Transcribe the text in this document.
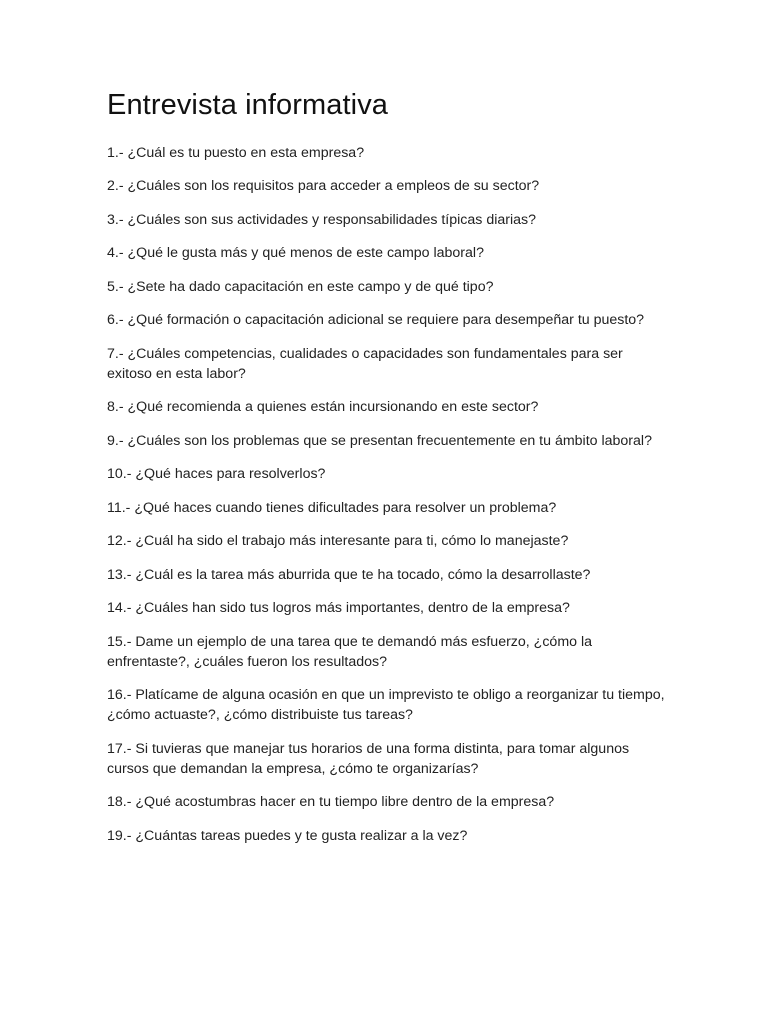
Entrevista informativa
1.- ¿Cuál es tu puesto en esta empresa?
2.- ¿Cuáles son los requisitos para acceder a empleos de su sector?
3.- ¿Cuáles son sus actividades y responsabilidades típicas diarias?
4.- ¿Qué le gusta más y qué menos de este campo laboral?
5.- ¿Sete ha dado capacitación en este campo y de qué tipo?
6.- ¿Qué formación o capacitación adicional se requiere para desempeñar tu puesto?
7.- ¿Cuáles competencias, cualidades o capacidades son fundamentales para ser exitoso en esta labor?
8.- ¿Qué recomienda a quienes están incursionando en este sector?
9.- ¿Cuáles son los problemas que se presentan frecuentemente en tu ámbito laboral?
10.- ¿Qué haces para resolverlos?
11.- ¿Qué haces cuando tienes dificultades para resolver un problema?
12.- ¿Cuál ha sido el trabajo más interesante para ti, cómo lo manejaste?
13.- ¿Cuál es la tarea más aburrida que te ha tocado, cómo la desarrollaste?
14.- ¿Cuáles han sido tus logros más importantes, dentro de la empresa?
15.- Dame un ejemplo de una tarea que te demandó más esfuerzo, ¿cómo la enfrentaste?, ¿cuáles fueron los resultados?
16.- Platícame de alguna ocasión en que un imprevisto te obligo a reorganizar tu tiempo, ¿cómo actuaste?, ¿cómo distribuiste tus tareas?
17.- Si tuvieras que manejar tus horarios de una forma distinta, para tomar algunos cursos que demandan la empresa, ¿cómo te organizarías?
18.- ¿Qué acostumbras hacer en tu tiempo libre dentro de la empresa?
19.- ¿Cuántas tareas puedes y te gusta realizar a la vez?
